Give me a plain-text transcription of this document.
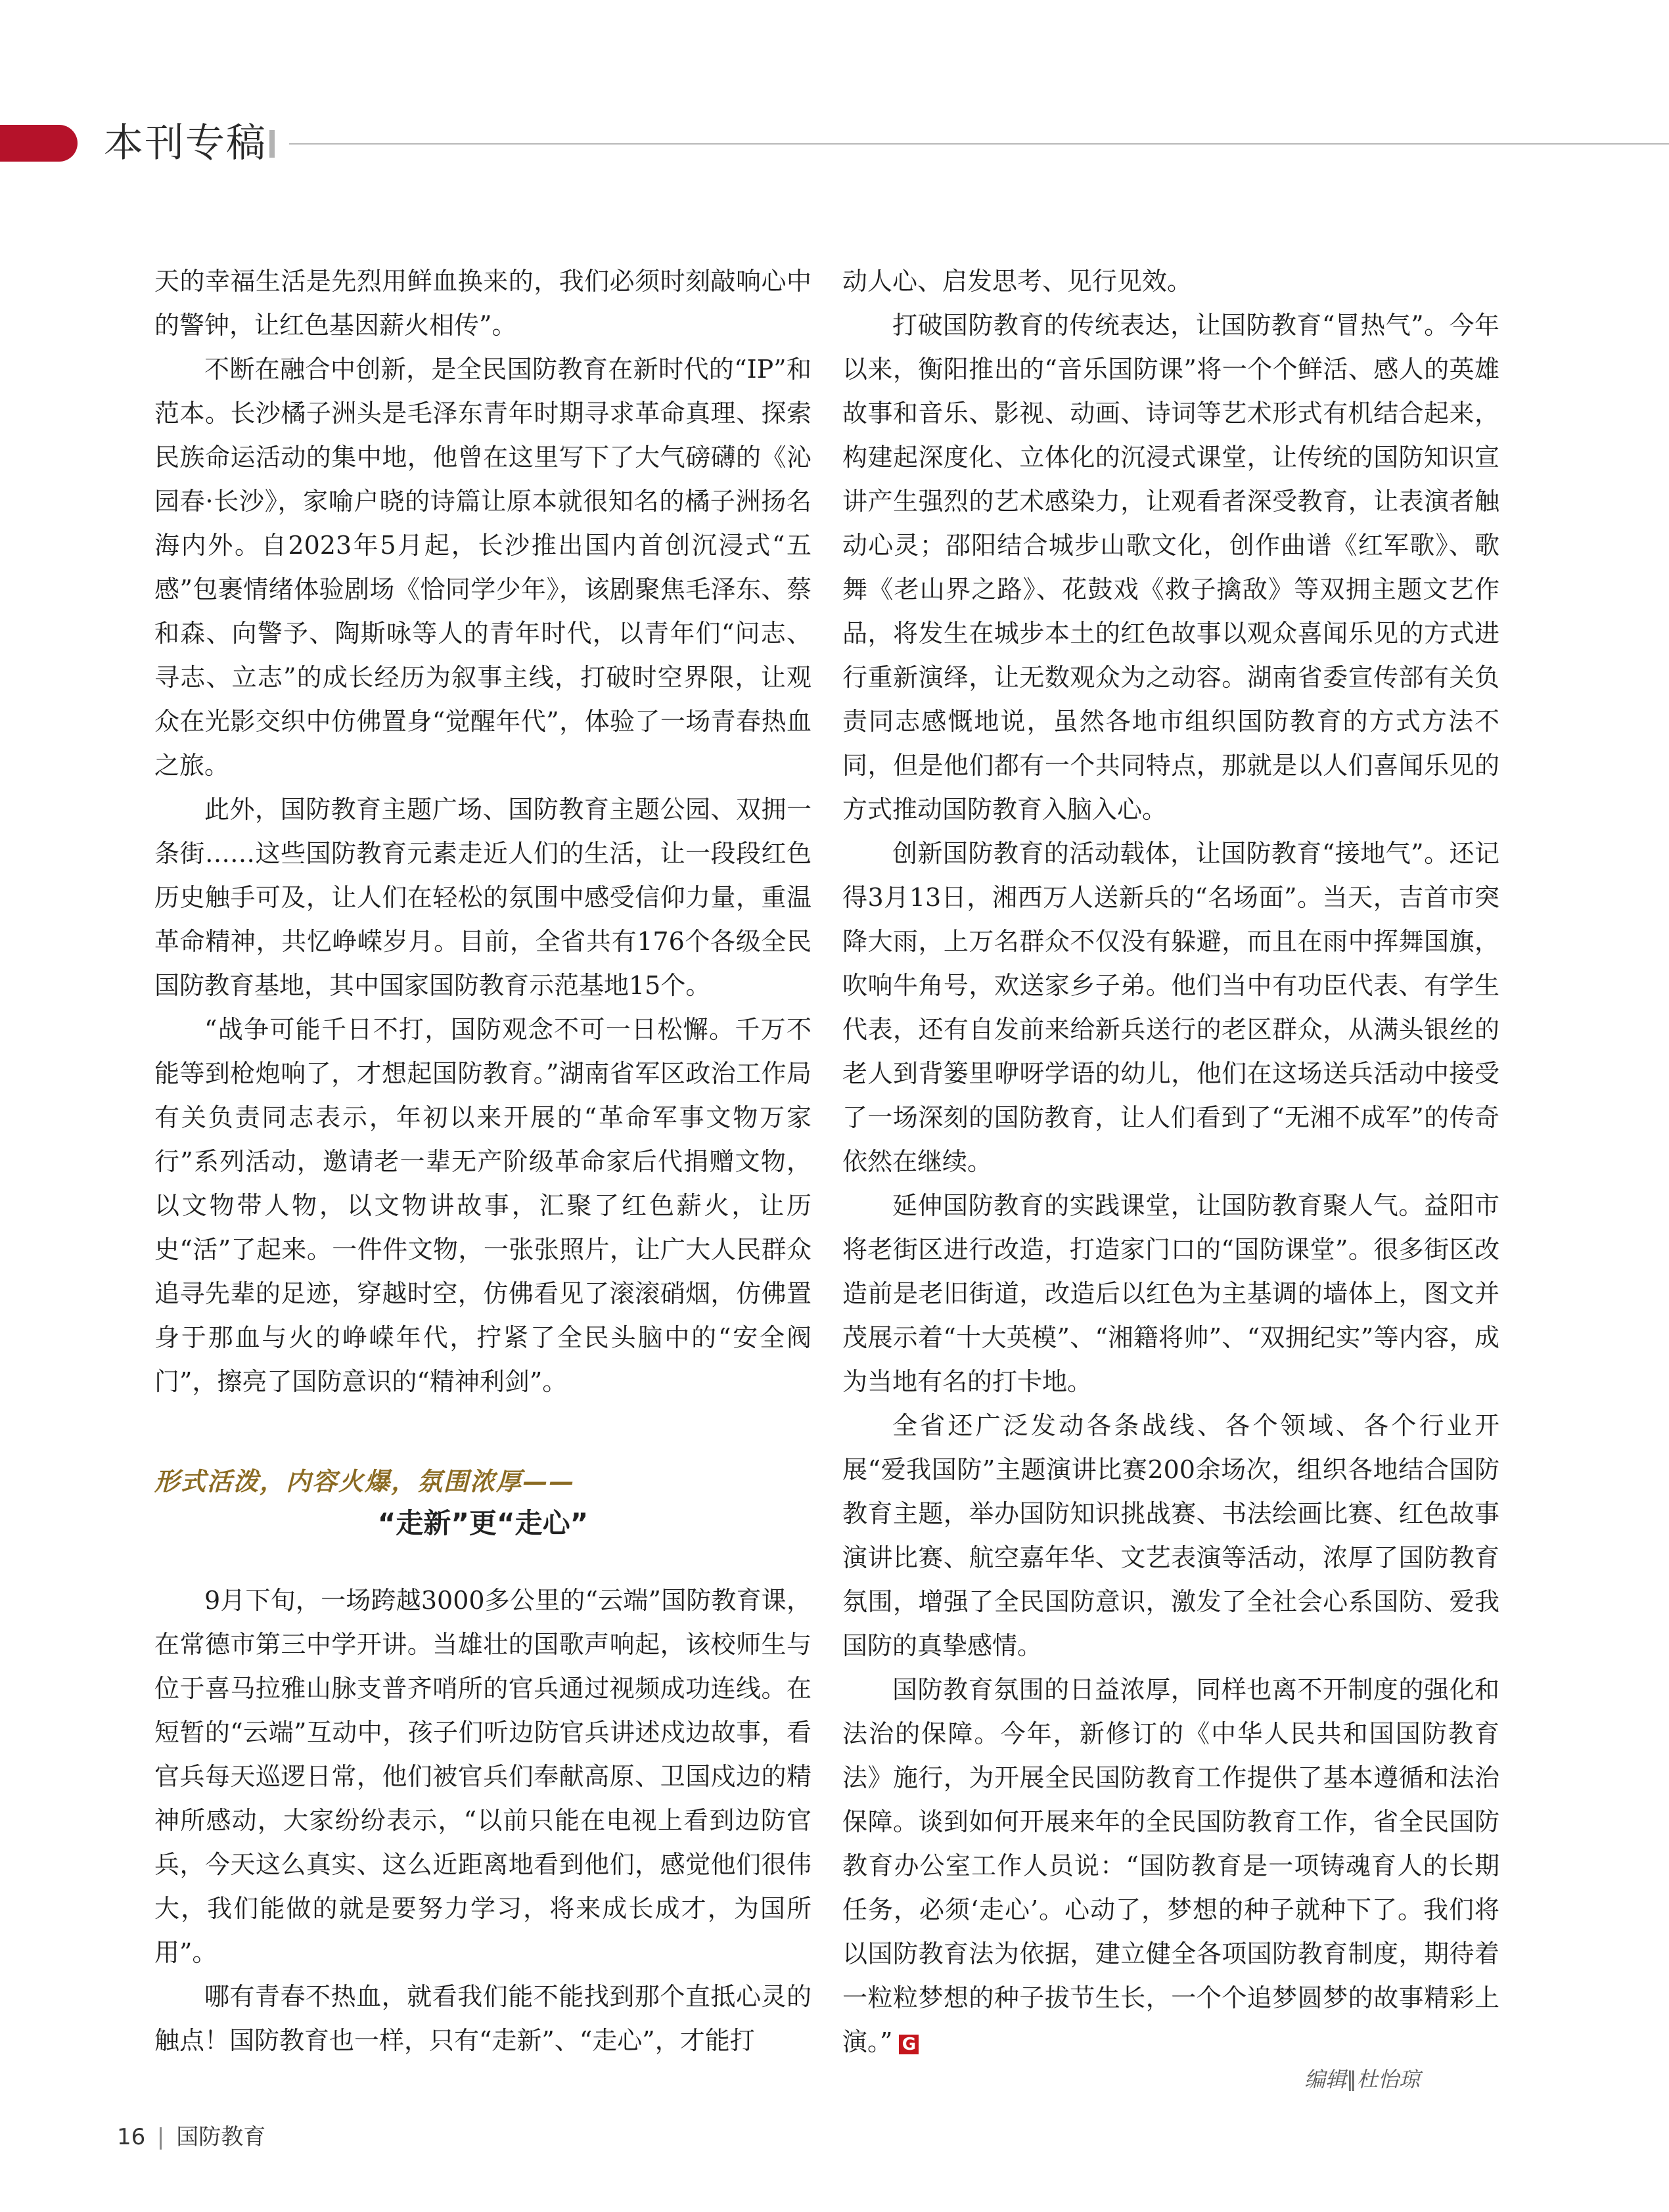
本刊专稿

天的幸福生活是先烈用鲜血换来的，我们必须时刻敲响心中的警钟，让红色基因薪火相传”。

不断在融合中创新，是全民国防教育在新时代的“IP”和范本。长沙橘子洲头是毛泽东青年时期寻求革命真理、探索民族命运活动的集中地，他曾在这里写下了大气磅礴的《沁园春·长沙》，家喻户晓的诗篇让原本就很知名的橘子洲扬名海内外。自2023年5月起，长沙推出国内首创沉浸式“五感”包裹情绪体验剧场《恰同学少年》，该剧聚焦毛泽东、蔡和森、向警予、陶斯咏等人的青年时代，以青年们“问志、寻志、立志”的成长经历为叙事主线，打破时空界限，让观众在光影交织中仿佛置身“觉醒年代”，体验了一场青春热血之旅。

此外，国防教育主题广场、国防教育主题公园、双拥一条街……这些国防教育元素走近人们的生活，让一段段红色历史触手可及，让人们在轻松的氛围中感受信仰力量，重温革命精神，共忆峥嵘岁月。目前，全省共有176个各级全民国防教育基地，其中国家国防教育示范基地15个。

“战争可能千日不打，国防观念不可一日松懈。千万不能等到枪炮响了，才想起国防教育。”湖南省军区政治工作局有关负责同志表示，年初以来开展的“革命军事文物万家行”系列活动，邀请老一辈无产阶级革命家后代捐赠文物，以文物带人物，以文物讲故事，汇聚了红色薪火，让历史“活”了起来。一件件文物，一张张照片，让广大人民群众追寻先辈的足迹，穿越时空，仿佛看见了滚滚硝烟，仿佛置身于那血与火的峥嵘年代，拧紧了全民头脑中的“安全阀门”，擦亮了国防意识的“精神利剑”。

形式活泼，内容火爆，氛围浓厚——
“走新”更“走心”

9月下旬，一场跨越3000多公里的“云端”国防教育课，在常德市第三中学开讲。当雄壮的国歌声响起，该校师生与位于喜马拉雅山脉支普齐哨所的官兵通过视频成功连线。在短暂的“云端”互动中，孩子们听边防官兵讲述戍边故事，看官兵每天巡逻日常，他们被官兵们奉献高原、卫国戍边的精神所感动，大家纷纷表示，“以前只能在电视上看到边防官兵，今天这么真实、这么近距离地看到他们，感觉他们很伟大，我们能做的就是要努力学习，将来成长成才，为国所用”。

哪有青春不热血，就看我们能不能找到那个直抵心灵的触点！国防教育也一样，只有“走新”、“走心”，才能打

动人心、启发思考、见行见效。

打破国防教育的传统表达，让国防教育“冒热气”。今年以来，衡阳推出的“音乐国防课”将一个个鲜活、感人的英雄故事和音乐、影视、动画、诗词等艺术形式有机结合起来，构建起深度化、立体化的沉浸式课堂，让传统的国防知识宣讲产生强烈的艺术感染力，让观看者深受教育，让表演者触动心灵；邵阳结合城步山歌文化，创作曲谱《红军歌》、歌舞《老山界之路》、花鼓戏《救子擒敌》等双拥主题文艺作品，将发生在城步本土的红色故事以观众喜闻乐见的方式进行重新演绎，让无数观众为之动容。湖南省委宣传部有关负责同志感慨地说，虽然各地市组织国防教育的方式方法不同，但是他们都有一个共同特点，那就是以人们喜闻乐见的方式推动国防教育入脑入心。

创新国防教育的活动载体，让国防教育“接地气”。还记得3月13日，湘西万人送新兵的“名场面”。当天，吉首市突降大雨，上万名群众不仅没有躲避，而且在雨中挥舞国旗，吹响牛角号，欢送家乡子弟。他们当中有功臣代表、有学生代表，还有自发前来给新兵送行的老区群众，从满头银丝的老人到背篓里咿呀学语的幼儿，他们在这场送兵活动中接受了一场深刻的国防教育，让人们看到了“无湘不成军”的传奇依然在继续。

延伸国防教育的实践课堂，让国防教育聚人气。益阳市将老街区进行改造，打造家门口的“国防课堂”。很多街区改造前是老旧街道，改造后以红色为主基调的墙体上，图文并茂展示着“十大英模”、“湘籍将帅”、“双拥纪实”等内容，成为当地有名的打卡地。

全省还广泛发动各条战线、各个领域、各个行业开展“爱我国防”主题演讲比赛200余场次，组织各地结合国防教育主题，举办国防知识挑战赛、书法绘画比赛、红色故事演讲比赛、航空嘉年华、文艺表演等活动，浓厚了国防教育氛围，增强了全民国防意识，激发了全社会心系国防、爱我国防的真挚感情。

国防教育氛围的日益浓厚，同样也离不开制度的强化和法治的保障。今年，新修订的《中华人民共和国国防教育法》施行，为开展全民国防教育工作提供了基本遵循和法治保障。谈到如何开展来年的全民国防教育工作，省全民国防教育办公室工作人员说：“国防教育是一项铸魂育人的长期任务，必须‘走心’。心动了，梦想的种子就种下了。我们将以国防教育法为依据，建立健全各项国防教育制度，期待着一粒粒梦想的种子拔节生长，一个个追梦圆梦的故事精彩上演。” G

编辑∥杜怡琼
16 国防教育
